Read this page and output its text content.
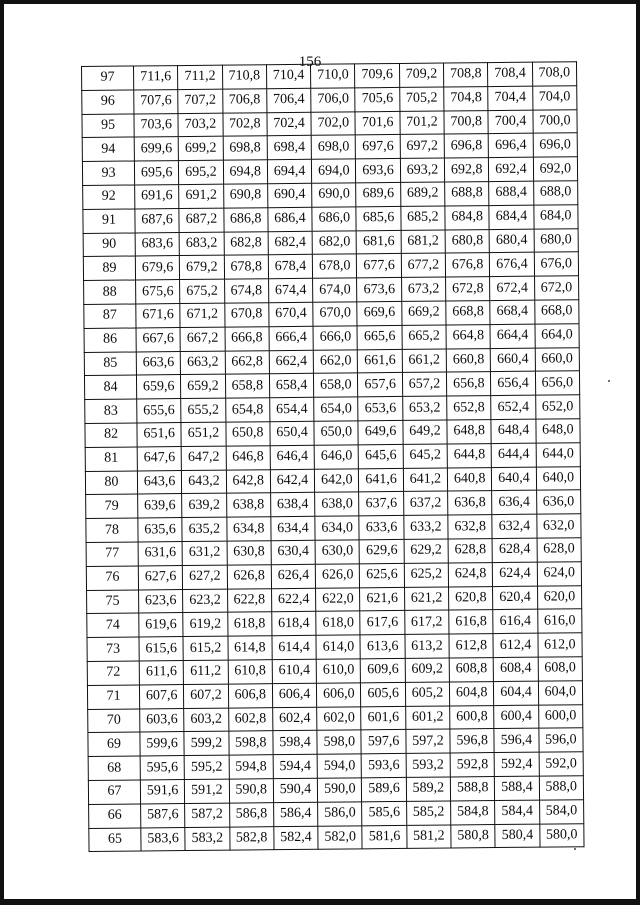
156
97	711,6	711,2	710,8	710,4	710,0	709,6	709,2	708,8	708,4	708,0
96	707,6	707,2	706,8	706,4	706,0	705,6	705,2	704,8	704,4	704,0
95	703,6	703,2	702,8	702,4	702,0	701,6	701,2	700,8	700,4	700,0
94	699,6	699,2	698,8	698,4	698,0	697,6	697,2	696,8	696,4	696,0
93	695,6	695,2	694,8	694,4	694,0	693,6	693,2	692,8	692,4	692,0
92	691,6	691,2	690,8	690,4	690,0	689,6	689,2	688,8	688,4	688,0
91	687,6	687,2	686,8	686,4	686,0	685,6	685,2	684,8	684,4	684,0
90	683,6	683,2	682,8	682,4	682,0	681,6	681,2	680,8	680,4	680,0
89	679,6	679,2	678,8	678,4	678,0	677,6	677,2	676,8	676,4	676,0
88	675,6	675,2	674,8	674,4	674,0	673,6	673,2	672,8	672,4	672,0
87	671,6	671,2	670,8	670,4	670,0	669,6	669,2	668,8	668,4	668,0
86	667,6	667,2	666,8	666,4	666,0	665,6	665,2	664,8	664,4	664,0
85	663,6	663,2	662,8	662,4	662,0	661,6	661,2	660,8	660,4	660,0
84	659,6	659,2	658,8	658,4	658,0	657,6	657,2	656,8	656,4	656,0
83	655,6	655,2	654,8	654,4	654,0	653,6	653,2	652,8	652,4	652,0
82	651,6	651,2	650,8	650,4	650,0	649,6	649,2	648,8	648,4	648,0
81	647,6	647,2	646,8	646,4	646,0	645,6	645,2	644,8	644,4	644,0
80	643,6	643,2	642,8	642,4	642,0	641,6	641,2	640,8	640,4	640,0
79	639,6	639,2	638,8	638,4	638,0	637,6	637,2	636,8	636,4	636,0
78	635,6	635,2	634,8	634,4	634,0	633,6	633,2	632,8	632,4	632,0
77	631,6	631,2	630,8	630,4	630,0	629,6	629,2	628,8	628,4	628,0
76	627,6	627,2	626,8	626,4	626,0	625,6	625,2	624,8	624,4	624,0
75	623,6	623,2	622,8	622,4	622,0	621,6	621,2	620,8	620,4	620,0
74	619,6	619,2	618,8	618,4	618,0	617,6	617,2	616,8	616,4	616,0
73	615,6	615,2	614,8	614,4	614,0	613,6	613,2	612,8	612,4	612,0
72	611,6	611,2	610,8	610,4	610,0	609,6	609,2	608,8	608,4	608,0
71	607,6	607,2	606,8	606,4	606,0	605,6	605,2	604,8	604,4	604,0
70	603,6	603,2	602,8	602,4	602,0	601,6	601,2	600,8	600,4	600,0
69	599,6	599,2	598,8	598,4	598,0	597,6	597,2	596,8	596,4	596,0
68	595,6	595,2	594,8	594,4	594,0	593,6	593,2	592,8	592,4	592,0
67	591,6	591,2	590,8	590,4	590,0	589,6	589,2	588,8	588,4	588,0
66	587,6	587,2	586,8	586,4	586,0	585,6	585,2	584,8	584,4	584,0
65	583,6	583,2	582,8	582,4	582,0	581,6	581,2	580,8	580,4	580,0
